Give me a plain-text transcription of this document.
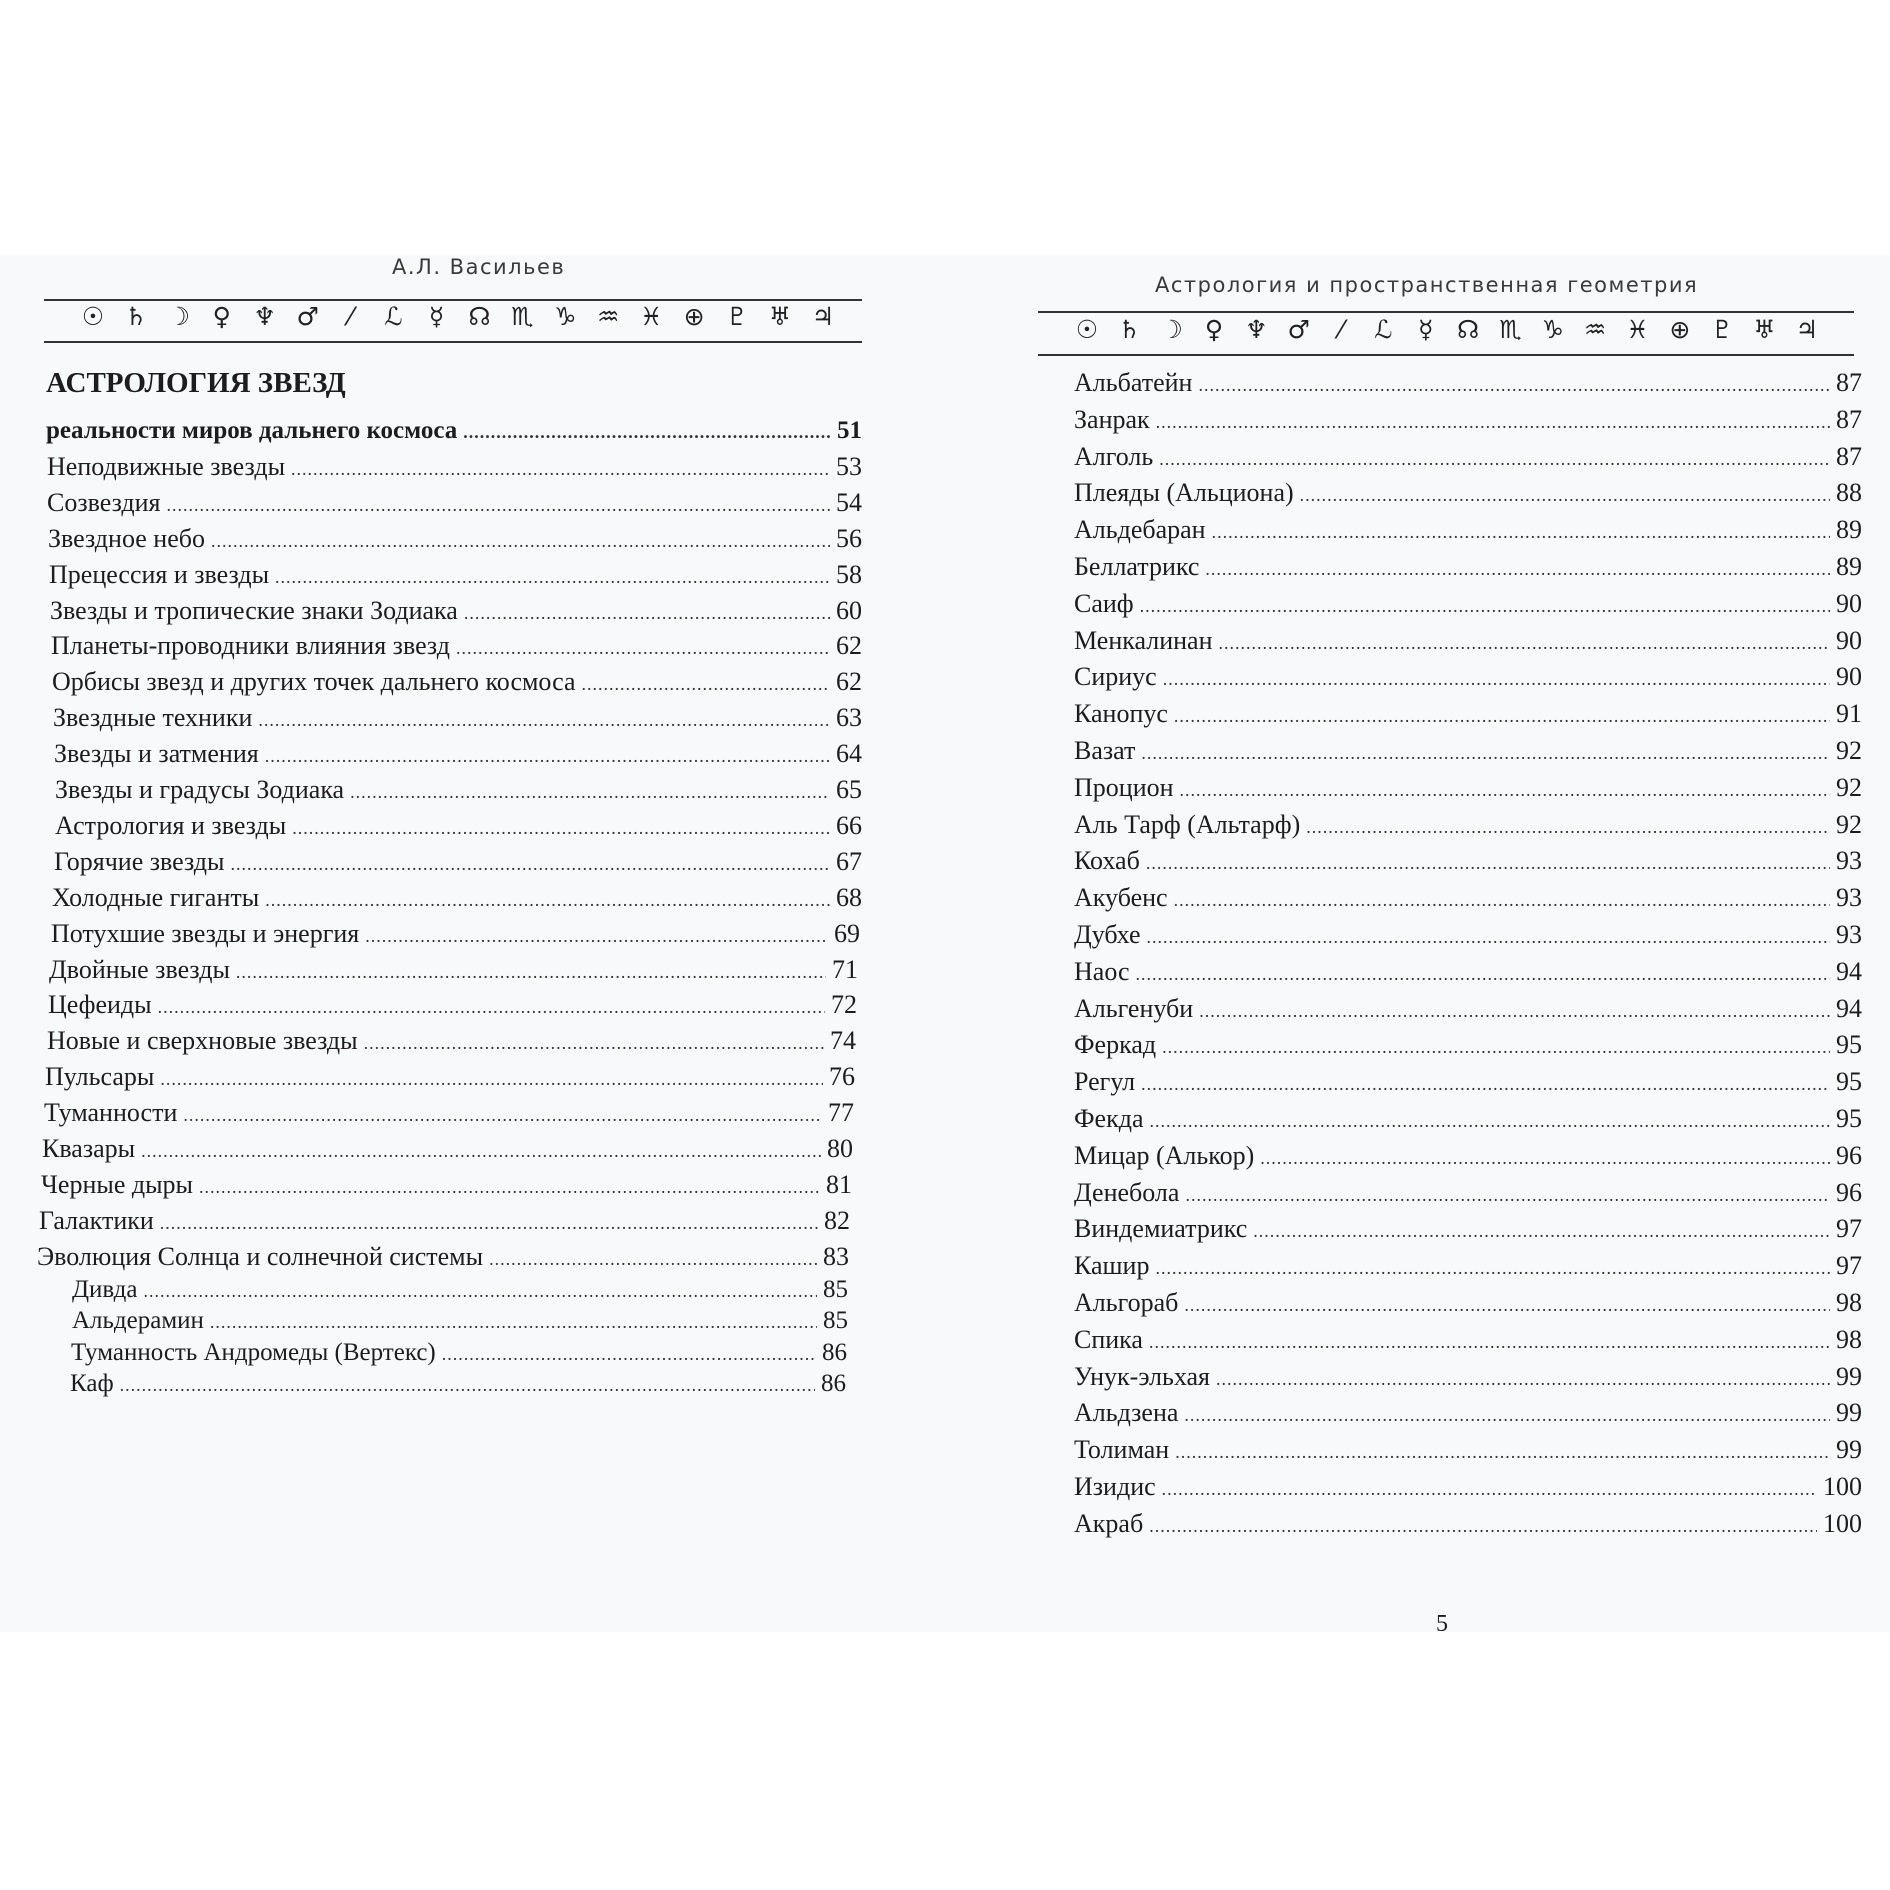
А.Л. Васильев
☉ ♄ ☽ ♀ ♆ ♂	⁄	ℒ ☿ ☊ ♏ ♑ ♒ ♓ ⊕ ♇ ♅ ♃
АСТРОЛОГИЯ ЗВЕЗД
реальности миров дальнего космоса .....	51
Неподвижные звезды .....	53
Созвездия .....	54
Звездное небо .....	56
Прецессия и звезды .....	58
Звезды и тропические знаки Зодиака .....	60
Планеты-проводники влияния звезд .....	62
Орбисы звезд и других точек дальнего космоса .....	62
Звездные техники .....	63
Звезды и затмения .....	64
Звезды и градусы Зодиака .....	65
Астрология и звезды .....	66
Горячие звезды .....	67
Холодные гиганты .....	68
Потухшие звезды и энергия .....	69
Двойные звезды .....	71
Цефеиды .....	72
Новые и сверхновые звезды .....	74
Пульсары .....	76
Туманности .....	77
Квазары .....	80
Черные дыры .....	81
Галактики .....	82
Эволюция Солнца и солнечной системы .....	83
Дивда .....	85
Альдерамин .....	85
Туманность Андромеды (Вертекс) .....	86
Каф .....	86
Астрология и пространственная геометрия
☉ ♄ ☽ ♀ ♆ ♂	⁄	ℒ ☿ ☊ ♏ ♑ ♒ ♓ ⊕ ♇ ♅ ♃
Альбатейн .....	87
Занрак .....	87
Алголь .....	87
Плеяды (Альциона) .....	88
Альдебаран .....	89
Беллатрикс .....	89
Саиф .....	90
Менкалинан .....	90
Сириус .....	90
Канопус .....	91
Вазат .....	92
Процион .....	92
Аль Тарф (Альтарф) .....	92
Кохаб .....	93
Акубенс .....	93
Дубхе .....	93
Наос .....	94
Альгенуби .....	94
Феркад .....	95
Регул .....	95
Фекда .....	95
Мицар (Алькор) .....	96
Денебола .....	96
Виндемиатрикс .....	97
Кашир .....	97
Альгораб .....	98
Спика .....	98
Унук-эльхая .....	99
Альдзена .....	99
Толиман .....	99
Изидис .....	100
Акраб .....	100
5
